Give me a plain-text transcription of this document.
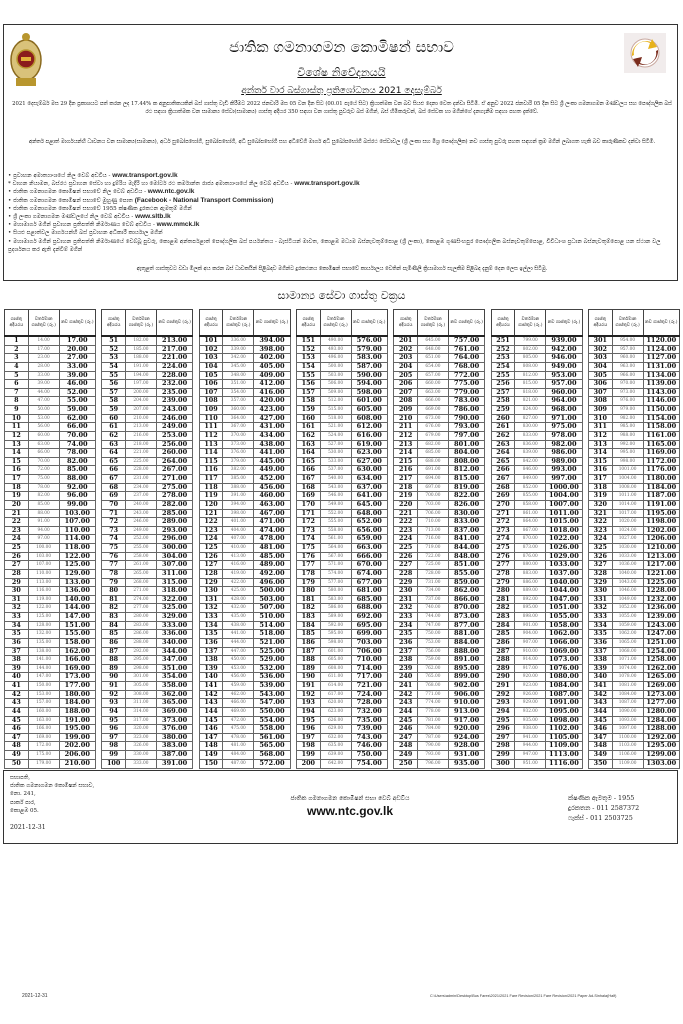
ජාතික ගමනාගමන කොමිෂන් සභාව
විශේෂ නිවේදනයයි
අන්තර් වාර බස්ගාස්තු ප්‍රතිශෝධනය 2021 දෙසැම්බර්
2021 දෙසැම්බර් මස 29 දින ප්‍රකාශයට පත් කරන ලද 17.44% ක අනුපාතිකයකින් බස් ගාස්තු වැඩි කිරීමට 2022 ජනවාරි මස 05 වන දින සිට (00.01 පැයේ සිට) ක්‍රියාත්මක වන බව සියළු දෙනා වෙත දන්වා සිටිමි. ඒ අනුව 2022 ජනවාරි 05 දින සිට ශ්‍රී ලංකා ගමනාගමන මණ්ඩලය සහ පෞද්ගලික බස් රථ සඳහා ක්‍රියාත්මක වන සාමාන්‍ය සේවා(සාමාන්‍ය) ගාස්තු අදියර 350 සඳහා වන ගාස්තු පුවරුව බස් මගීන්, බස් හිමිකරුවන්, බස් සේවක හා මගීන්ගේ දැනගැනීම සඳහා පහත දැක්වේ.
අන්තර් පළාත් මාර්ගයන්හි ධාවනය වන සාමාන්‍ය(සාමාන්‍ය), අර්ධ සුඛෝපභෝගී, සුඛෝපභෝගී, අධි සුඛෝපභෝගී සහ අධිවේගී මාර්ග අධි සුඛෝපභෝගී බස්රථ සේවාවල (ශ්‍රී ලංකා සහ මිශ්‍ර පෞද්ගලික) නව ගාස්තු පුවරු පහත සඳහන් ක්‍රම මගින් ලබාගත හැකි බව කාරුණිකව දන්වා සිටිමි.
• ප්‍රවාහන අමාත්‍යාංශයේ නිල වෙබ් අඩවිය - www.transport.gov.lk
* වාහන නියාමන, බස්රථ ප්‍රවාහන සේවා හා දුම්රිය මැදිරි හා මෝටර් රථ කර්මාන්ත රාජ්‍ය අමාත්‍යාංශයේ නිල වෙබ් අඩවිය - www.transport.gov.lk
• ජාතික ගමනාගමන කොමිෂන් සභාවේ නිල වෙබ් අඩවිය - www.ntc.gov.lk
• ජාතික ගමනාගමන කොමිෂන් සභාවේ මුහුණු පොත (Facebook - National Transport Commission)
• ජාතික ගමනාගමන කොමිෂන් සභාවේ 1955 ක්ෂණික දුරකථන ඇමතුම් මගින්
• ශ්‍රී ලංකා ගමනාගමන මණ්ඩලයේ නිල වෙබ් අඩවිය - www.sltb.lk
• මහාමාර්ග මගීන් ප්‍රවාහන ප්‍රතිපත්ති නිර්මාණය වෙබ් අඩවිය - www.mmck.lk
• සියළු පළාත්වල මාර්ගයන්හි බස් ප්‍රවාහන අධිකාරී කාර්යාල මගින්
• මහාමාර්ග මගීන් ප්‍රවාහන ප්‍රතිපත්ති නිර්මාණයේ වෙබ්බූ පුවරු, කොළඹ අන්තර්පළාත් පෞද්ගලික බස් පර්යන්තය - බැස්ටියන් මාවත, කොළඹ මධ්‍යම බස්නැවතුම්පොළ (ශ්‍රී ලංකා), කොළඹ ගුණසිංහපුර පෞද්ගලික බස්නැවතුම්පොළ, විවිධාංශ ප්‍රධාන බස්නැවතුම්පොළ යන ස්ථාන වල ප්‍රදර්ශනය කර ඇති දැන්වීම් මගින්
ඇතුළත් ගාස්තුවට වඩා මිලක් අය කරන බස් ධාවකයින් පිළිබඳව මගීන්ට දුරකථනය කොමිෂන් සභාවේ කාර්යාලය වෙතින් පැමිණිලි ක්‍රියාමාර්ග සැලකීම පිළිබඳ දැනුම් දෙන ලෙස ඉල්ලා සිටිමු.
සාමාන්‍ය සේවා ගාස්තු වක්‍රය
ගාස්තු අදියරය	වර්තමාන ගාස්තුව (රු.)	නව ගාස්තුව (රු.)
1	14.00	17.00
2	17.00	20.00
3	23.00	27.00
4	28.00	33.00
5	33.00	39.00
6	39.00	46.00
7	44.00	52.00
8	47.00	55.00
9	50.00	59.00
10	53.00	62.00
11	56.00	66.00
12	60.00	70.00
13	63.00	74.00
14	66.00	78.00
15	70.00	82.00
16	72.00	85.00
17	75.00	88.00
18	78.00	92.00
19	82.00	96.00
20	85.00	99.00
21	88.00	103.00
22	91.00	107.00
23	94.00	110.00
24	97.00	114.00
25	100.00	118.00
26	103.00	122.00
27	107.00	125.00
28	110.00	129.00
29	113.00	133.00
30	116.00	136.00
31	119.00	140.00
32	122.00	144.00
33	125.00	147.00
34	128.00	151.00
35	132.00	155.00
36	135.00	158.00
37	138.00	162.00
38	141.00	166.00
39	144.00	169.00
40	147.00	173.00
41	150.00	177.00
42	153.00	180.00
43	157.00	184.00
44	160.00	188.00
45	163.00	191.00
46	166.00	195.00
47	169.00	199.00
48	172.00	202.00
49	175.00	206.00
50	179.00	210.00
ගාස්තු අදියරය	වර්තමාන ගාස්තුව (රු.)	නව ගාස්තුව (රු.)
51	182.00	213.00
52	185.00	217.00
53	188.00	221.00
54	191.00	224.00
55	194.00	228.00
56	197.00	232.00
57	200.00	235.00
58	204.00	239.00
59	207.00	243.00
60	210.00	246.00
61	213.00	249.00
62	216.00	253.00
63	218.00	256.00
64	221.00	260.00
65	225.00	264.00
66	228.00	267.00
67	231.00	271.00
68	234.00	275.00
69	237.00	278.00
70	240.00	282.00
71	243.00	285.00
72	246.00	289.00
73	249.00	293.00
74	252.00	296.00
75	255.00	300.00
76	258.00	304.00
77	261.00	307.00
78	265.00	311.00
79	268.00	315.00
80	271.00	318.00
81	274.00	322.00
82	277.00	325.00
83	280.00	329.00
84	283.00	333.00
85	286.00	336.00
86	288.00	340.00
87	292.00	344.00
88	295.00	347.00
89	298.00	351.00
90	301.00	354.00
91	305.00	358.00
92	308.00	362.00
93	311.00	365.00
94	314.00	369.00
95	317.00	373.00
96	320.00	376.00
97	323.00	380.00
98	326.00	383.00
99	330.00	387.00
100	333.00	391.00
ගාස්තු අදියරය	වර්තමාන ගාස්තුව (රු.)	නව ගාස්තුව (රු.)
101	336.00	394.00
102	339.00	398.00
103	342.00	402.00
104	345.00	405.00
105	348.00	409.00
106	351.00	412.00
107	354.00	416.00
108	357.00	420.00
109	360.00	423.00
110	364.00	427.00
111	367.00	431.00
112	370.00	434.00
113	373.00	438.00
114	376.00	441.00
115	379.00	445.00
116	382.00	449.00
117	385.00	452.00
118	388.00	456.00
119	391.00	460.00
120	394.00	463.00
121	398.00	467.00
122	401.00	471.00
123	404.00	474.00
124	407.00	478.00
125	410.00	481.00
126	413.00	485.00
127	416.00	489.00
128	419.00	492.00
129	422.00	496.00
130	425.00	500.00
131	428.00	503.00
132	432.00	507.00
133	435.00	510.00
134	438.00	514.00
135	441.00	518.00
136	444.00	521.00
137	447.00	525.00
138	450.00	529.00
139	453.00	532.00
140	456.00	536.00
141	459.00	539.00
142	462.00	543.00
143	466.00	547.00
144	469.00	550.00
145	472.00	554.00
146	475.00	558.00
147	478.00	561.00
148	481.00	565.00
149	484.00	568.00
150	487.00	572.00
ගාස්තු අදියරය	වර්තමාන ගාස්තුව (රු.)	නව ගාස්තුව (රු.)
151	490.00	576.00
152	493.00	579.00
153	496.00	583.00
154	500.00	587.00
155	503.00	590.00
156	506.00	594.00
157	509.00	598.00
158	512.00	601.00
159	515.00	605.00
160	518.00	608.00
161	521.00	612.00
162	524.00	616.00
163	527.00	619.00
164	530.00	623.00
165	533.00	627.00
166	537.00	630.00
167	540.00	634.00
168	543.00	637.00
169	546.00	641.00
170	549.00	645.00
171	552.00	648.00
172	555.00	652.00
173	558.00	656.00
174	561.00	659.00
175	564.00	663.00
176	567.00	666.00
177	571.00	670.00
178	574.00	674.00
179	577.00	677.00
180	580.00	681.00
181	583.00	685.00
182	586.00	688.00
183	589.00	692.00
184	592.00	695.00
185	595.00	699.00
186	598.00	703.00
187	601.00	706.00
188	605.00	710.00
189	608.00	714.00
190	611.00	717.00
191	614.00	721.00
192	617.00	724.00
193	620.00	728.00
194	623.00	732.00
195	626.00	735.00
196	629.00	739.00
197	632.00	743.00
198	635.00	746.00
199	639.00	750.00
200	642.00	754.00
ගාස්තු අදියරය	වර්තමාන ගාස්තුව (රු.)	නව ගාස්තුව (රු.)
201	645.00	757.00
202	648.00	761.00
203	651.00	764.00
204	654.00	768.00
205	657.00	772.00
206	660.00	775.00
207	663.00	779.00
208	666.00	783.00
209	669.00	786.00
210	673.00	790.00
211	676.00	793.00
212	679.00	797.00
213	682.00	801.00
214	685.00	804.00
215	688.00	808.00
216	691.00	812.00
217	694.00	815.00
218	697.00	819.00
219	700.00	822.00
220	703.00	826.00
221	706.00	830.00
222	710.00	833.00
223	713.00	837.00
224	716.00	841.00
225	719.00	844.00
226	722.00	848.00
227	725.00	851.00
228	728.00	855.00
229	731.00	859.00
230	734.00	862.00
231	737.00	866.00
232	740.00	870.00
233	744.00	873.00
234	747.00	877.00
235	750.00	881.00
236	753.00	884.00
237	756.00	888.00
238	759.00	891.00
239	762.00	895.00
240	765.00	899.00
241	768.00	902.00
242	771.00	906.00
243	774.00	910.00
244	778.00	913.00
245	781.00	917.00
246	784.00	920.00
247	787.00	924.00
248	790.00	928.00
249	793.00	931.00
250	796.00	935.00
ගාස්තු අදියරය	වර්තමාන ගාස්තුව (රු.)	නව ගාස්තුව (රු.)
251	799.00	939.00
252	802.00	942.00
253	805.00	946.00
254	808.00	949.00
255	812.00	953.00
256	815.00	957.00
257	818.00	960.00
258	821.00	964.00
259	824.00	968.00
260	827.00	971.00
261	830.00	975.00
262	833.00	978.00
263	836.00	982.00
264	839.00	986.00
265	842.00	989.00
266	846.00	993.00
267	849.00	997.00
268	852.00	1000.00
269	855.00	1004.00
270	858.00	1007.00
271	861.00	1011.00
272	864.00	1015.00
273	867.00	1018.00
274	870.00	1022.00
275	873.00	1026.00
276	876.00	1029.00
277	880.00	1033.00
278	883.00	1037.00
279	886.00	1040.00
280	889.00	1044.00
281	892.00	1047.00
282	895.00	1051.00
283	898.00	1055.00
284	901.00	1058.00
285	904.00	1062.00
286	907.00	1066.00
287	910.00	1069.00
288	914.00	1073.00
289	917.00	1076.00
290	920.00	1080.00
291	923.00	1084.00
292	926.00	1087.00
293	929.00	1091.00
294	932.00	1095.00
295	935.00	1098.00
296	938.00	1102.00
297	941.00	1105.00
298	944.00	1109.00
299	947.00	1113.00
300	951.00	1116.00
ගාස්තු අදියරය	වර්තමාන ගාස්තුව (රු.)	නව ගාස්තුව (රු.)
301	954.00	1120.00
302	957.00	1124.00
303	960.00	1127.00
304	963.00	1131.00
305	966.00	1134.00
306	970.00	1139.00
307	973.00	1143.00
308	976.00	1146.00
309	979.00	1150.00
310	982.00	1154.00
311	985.00	1158.00
312	988.00	1161.00
313	992.00	1165.00
314	995.00	1169.00
315	998.00	1172.00
316	1001.00	1176.00
317	1004.00	1180.00
318	1008.00	1184.00
319	1011.00	1187.00
320	1014.00	1191.00
321	1017.00	1195.00
322	1020.00	1198.00
323	1024.00	1202.00
324	1027.00	1206.00
325	1030.00	1210.00
326	1033.00	1213.00
327	1036.00	1217.00
328	1040.00	1221.00
329	1043.00	1225.00
330	1046.00	1228.00
331	1049.00	1232.00
332	1052.00	1236.00
333	1055.00	1239.00
334	1059.00	1243.00
335	1062.00	1247.00
336	1065.00	1251.00
337	1068.00	1254.00
338	1071.00	1258.00
339	1074.00	1262.00
340	1078.00	1265.00
341	1081.00	1269.00
342	1084.00	1273.00
343	1087.00	1277.00
344	1090.00	1280.00
345	1093.00	1284.00
346	1097.00	1288.00
347	1100.00	1292.00
348	1103.00	1295.00
349	1106.00	1299.00
350	1109.00	1303.00
සභාපති,
ජාතික ගමනාගමන කොමිෂන් සභාව,
නො. 241,
පාර්ක් පාර,
කොළඹ 05.
2021-12-31
ජාතික ගමනාගමන කොමිෂන් සභා වෙබ් අඩවිය
www.ntc.gov.lk
ක්ෂණික ඇමතුම - 1955
දුරකතන - 011 2587372
ෆැක්ස් - 011 2503725
2021-12-31	C:\Users\admin\Desktop\Bus Fares\2021\2021 Fare Revision\2021 Fare Revision\2021 Paper Ad-Sinhala(Half)
